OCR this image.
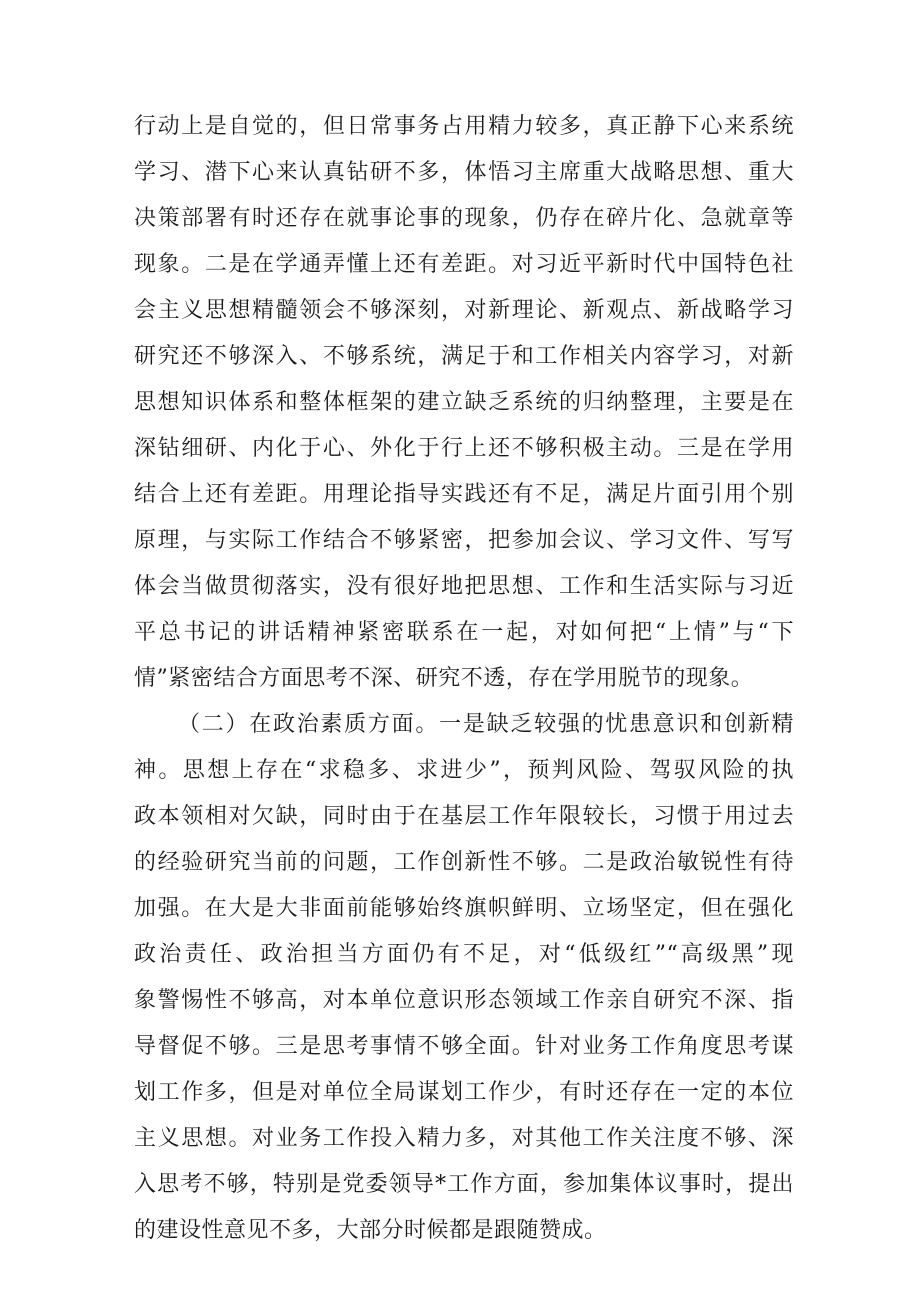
行动上是自觉的，但日常事务占用精力较多，真正静下心来系统
学习、潜下心来认真钻研不多，体悟习主席重大战略思想、重大
决策部署有时还存在就事论事的现象，仍存在碎片化、急就章等
现象。二是在学通弄懂上还有差距。对习近平新时代中国特色社
会主义思想精髓领会不够深刻，对新理论、新观点、新战略学习
研究还不够深入、不够系统，满足于和工作相关内容学习，对新
思想知识体系和整体框架的建立缺乏系统的归纳整理，主要是在
深钻细研、内化于心、外化于行上还不够积极主动。三是在学用
结合上还有差距。用理论指导实践还有不足，满足片面引用个别
原理，与实际工作结合不够紧密，把参加会议、学习文件、写写
体会当做贯彻落实，没有很好地把思想、工作和生活实际与习近
平总书记的讲话精神紧密联系在一起，对如何把“上情”与“下
情”紧密结合方面思考不深、研究不透，存在学用脱节的现象。
（二）在政治素质方面。一是缺乏较强的忧患意识和创新精
神。思想上存在“求稳多、求进少”，预判风险、驾驭风险的执
政本领相对欠缺，同时由于在基层工作年限较长，习惯于用过去
的经验研究当前的问题，工作创新性不够。二是政治敏锐性有待
加强。在大是大非面前能够始终旗帜鲜明、立场坚定，但在强化
政治责任、政治担当方面仍有不足，对“低级红”“高级黑”现
象警惕性不够高，对本单位意识形态领域工作亲自研究不深、指
导督促不够。三是思考事情不够全面。针对业务工作角度思考谋
划工作多，但是对单位全局谋划工作少，有时还存在一定的本位
主义思想。对业务工作投入精力多，对其他工作关注度不够、深
入思考不够，特别是党委领导*工作方面，参加集体议事时，提出
的建设性意见不多，大部分时候都是跟随赞成。
